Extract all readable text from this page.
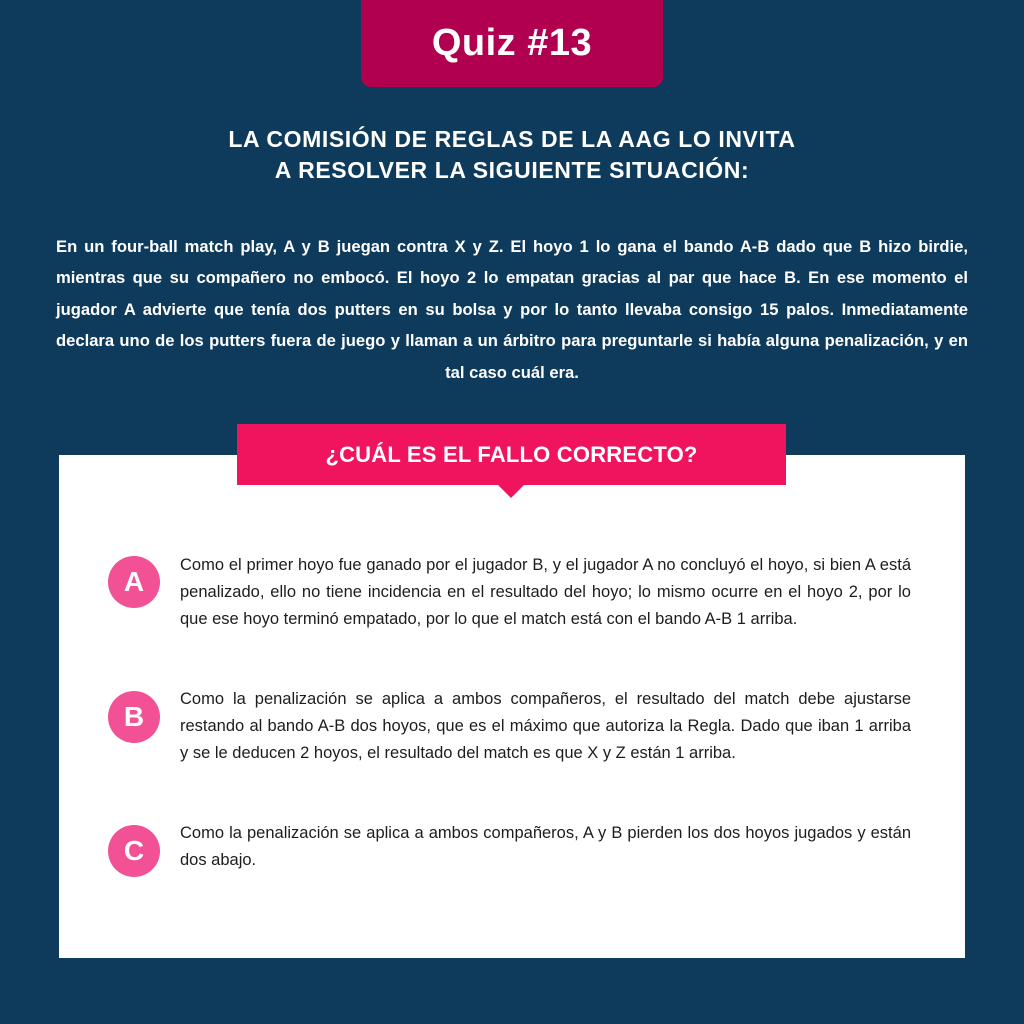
Quiz #13
LA COMISIÓN DE REGLAS DE LA AAG LO INVITA
A RESOLVER LA SIGUIENTE SITUACIÓN:

En un four-ball match play, A y B juegan contra X y Z. El hoyo 1 lo gana el bando A-B dado que B hizo birdie, mientras que su compañero no embocó. El hoyo 2 lo empatan gracias al par que hace B. En ese momento el jugador A advierte que tenía dos putters en su bolsa y por lo tanto llevaba consigo 15 palos. Inmediatamente declara uno de los putters fuera de juego y llaman a un árbitro para preguntarle si había alguna penalización, y en tal caso cuál era.

¿CUÁL ES EL FALLO CORRECTO?
A
Como el primer hoyo fue ganado por el jugador B, y el jugador A no concluyó el hoyo, si bien A está penalizado, ello no tiene incidencia en el resultado del hoyo; lo mismo ocurre en el hoyo 2, por lo que ese hoyo terminó empatado, por lo que el match está con el bando A-B 1 arriba.
B
Como la penalización se aplica a ambos compañeros, el resultado del match debe ajustarse restando al bando A-B dos hoyos, que es el máximo que autoriza la Regla. Dado que iban 1 arriba y se le deducen 2 hoyos, el resultado del match es que X y Z están 1 arriba.
C
Como la penalización se aplica a ambos compañeros, A y B pierden los dos hoyos jugados y están dos abajo.
